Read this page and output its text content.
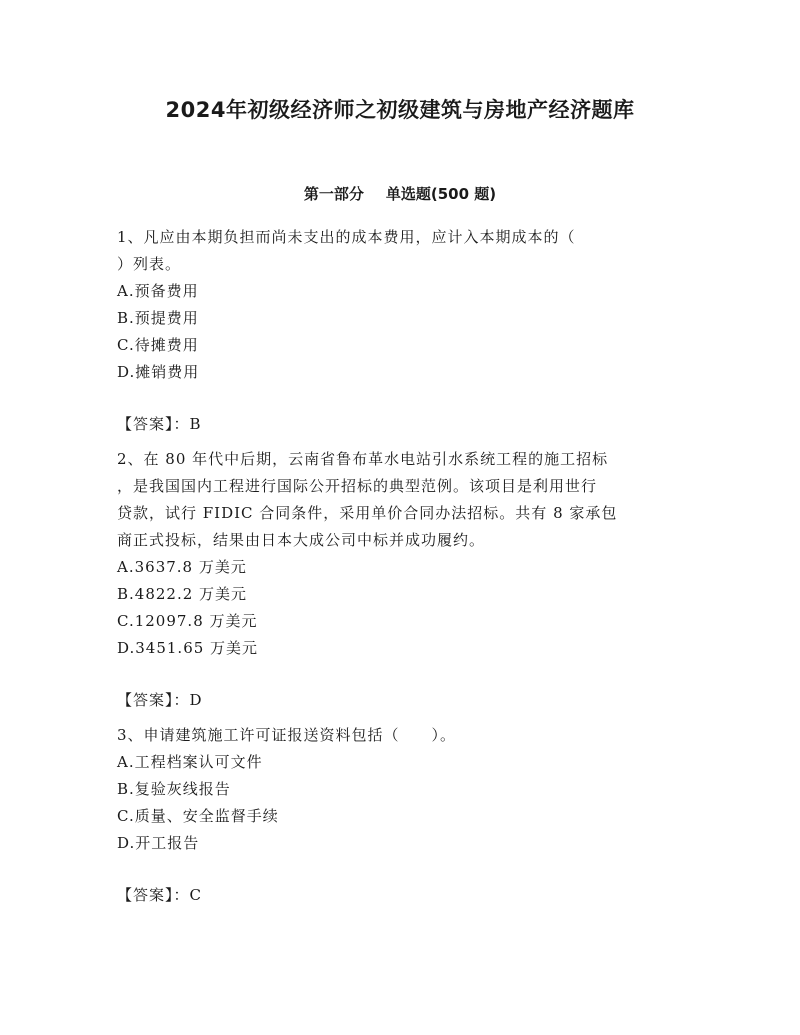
2024年初级经济师之初级建筑与房地产经济题库
第一部分 单选题(500 题)
1、凡应由本期负担而尚未支出的成本费用，应计入本期成本的（
）列表。
A.预备费用
B.预提费用
C.待摊费用
D.摊销费用
【答案】：B
2、在 80 年代中后期，云南省鲁布革水电站引水系统工程的施工招标
，是我国国内工程进行国际公开招标的典型范例。该项目是利用世行
贷款，试行 FIDIC 合同条件，采用单价合同办法招标。共有 8 家承包
商正式投标，结果由日本大成公司中标并成功履约。
A.3637.8 万美元
B.4822.2 万美元
C.12097.8 万美元
D.3451.65 万美元
【答案】：D
3、申请建筑施工许可证报送资料包括（　　）。
A.工程档案认可文件
B.复验灰线报告
C.质量、安全监督手续
D.开工报告
【答案】：C
